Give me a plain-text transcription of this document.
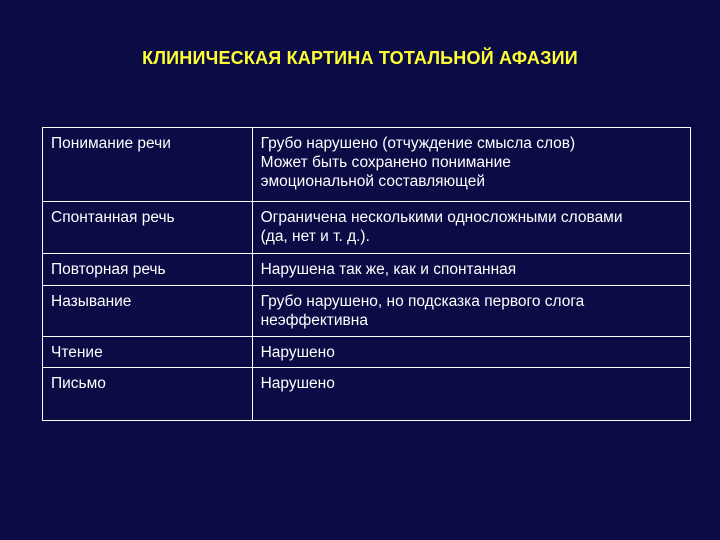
КЛИНИЧЕСКАЯ КАРТИНА ТОТАЛЬНОЙ АФАЗИИ
Понимание речи	Грубо нарушено (отчуждение смысла слов)
Может быть сохранено понимание
эмоциональной составляющей

Спонтанная речь	Ограничена несколькими односложными словами
(да, нет и т. д.).

Повторная речь	Нарушена так же, как и спонтанная

Называние	Грубо нарушено, но подсказка первого слога
неэффективна

Чтение	Нарушено

Письмо	Нарушено
